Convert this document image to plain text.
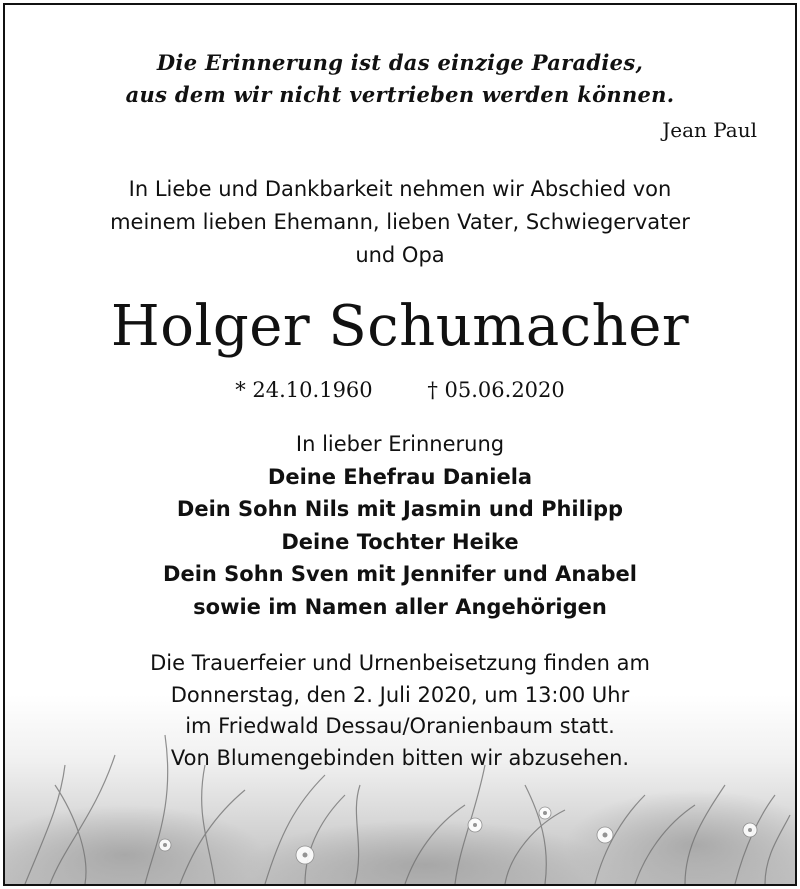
Die Erinnerung ist das einzige Paradies,
aus dem wir nicht vertrieben werden können.
Jean Paul
In Liebe und Dankbarkeit nehmen wir Abschied von
meinem lieben Ehemann, lieben Vater, Schwiegervater
und Opa
Holger Schumacher
* 24.10.1960	† 05.06.2020
In lieber Erinnerung
Deine Ehefrau Daniela
Dein Sohn Nils mit Jasmin und Philipp
Deine Tochter Heike
Dein Sohn Sven mit Jennifer und Anabel
sowie im Namen aller Angehörigen
Die Trauerfeier und Urnenbeisetzung finden am
Donnerstag, den 2. Juli 2020, um 13:00 Uhr
im Friedwald Dessau/Oranienbaum statt.
Von Blumengebinden bitten wir abzusehen.
